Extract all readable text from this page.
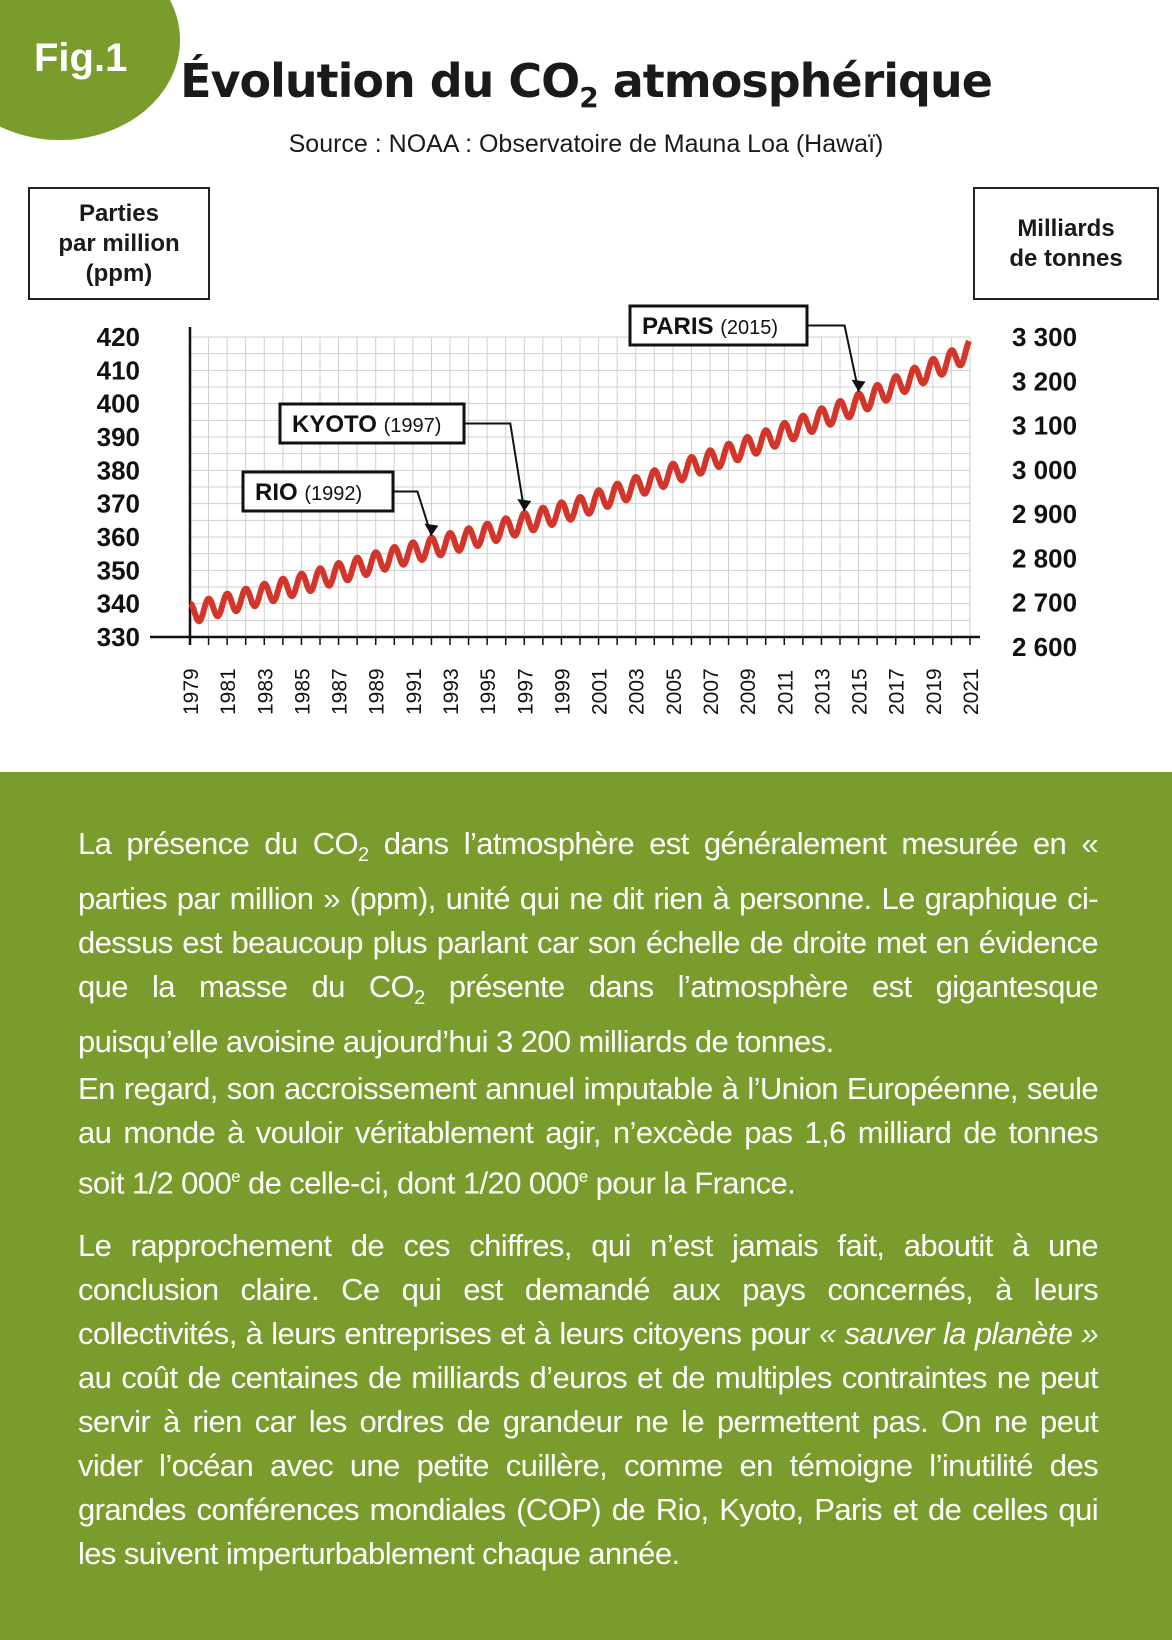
Fig.1	Évolution du $CO_2$ atmosphérique
Source : NOAA : Observatoire de Mauna Loa (Hawaï)
Parties
par million
(ppm)
Milliards
de tonnes
420
410
400
390
380
370
360
350
340
330
3 300
3 200
3 100
3 000
2 900
2 800
2 700
2 600
1979 1981 1983 1985 1987 1989 1991 1993 1995 1997 1999 2001 2003 2005 2007 2009 2011 2013 2015 2017 2019 2021
RIO (1992)
KYOTO (1997)
PARIS (2015)
La présence du $CO_2$ dans l’atmosphère est généralement mesurée en « parties par million » (ppm), unité qui ne dit rien à personne. Le graphique ci-dessus est beaucoup plus parlant car son échelle de droite met en évidence que la masse du $CO_2$ présente dans l’atmosphère est gigantesque puisqu’elle avoisine aujourd’hui 3 200 milliards de tonnes.
En regard, son accroissement annuel imputable à l’Union Européenne, seule au monde à vouloir véritablement agir, n’excède pas 1,6 milliard de tonnes soit 1/2 000e de celle-ci, dont 1/20 000e pour la France.
Le rapprochement de ces chiffres, qui n’est jamais fait, aboutit à une conclusion claire. Ce qui est demandé aux pays concernés, à leurs collectivités, à leurs entreprises et à leurs citoyens pour « sauver la planète » au coût de centaines de milliards d’euros et de multiples contraintes ne peut servir à rien car les ordres de grandeur ne le permettent pas. On ne peut vider l’océan avec une petite cuillère, comme en témoigne l’inutilité des grandes conférences mondiales (COP) de Rio, Kyoto, Paris et de celles qui les suivent imperturbablement chaque année.
